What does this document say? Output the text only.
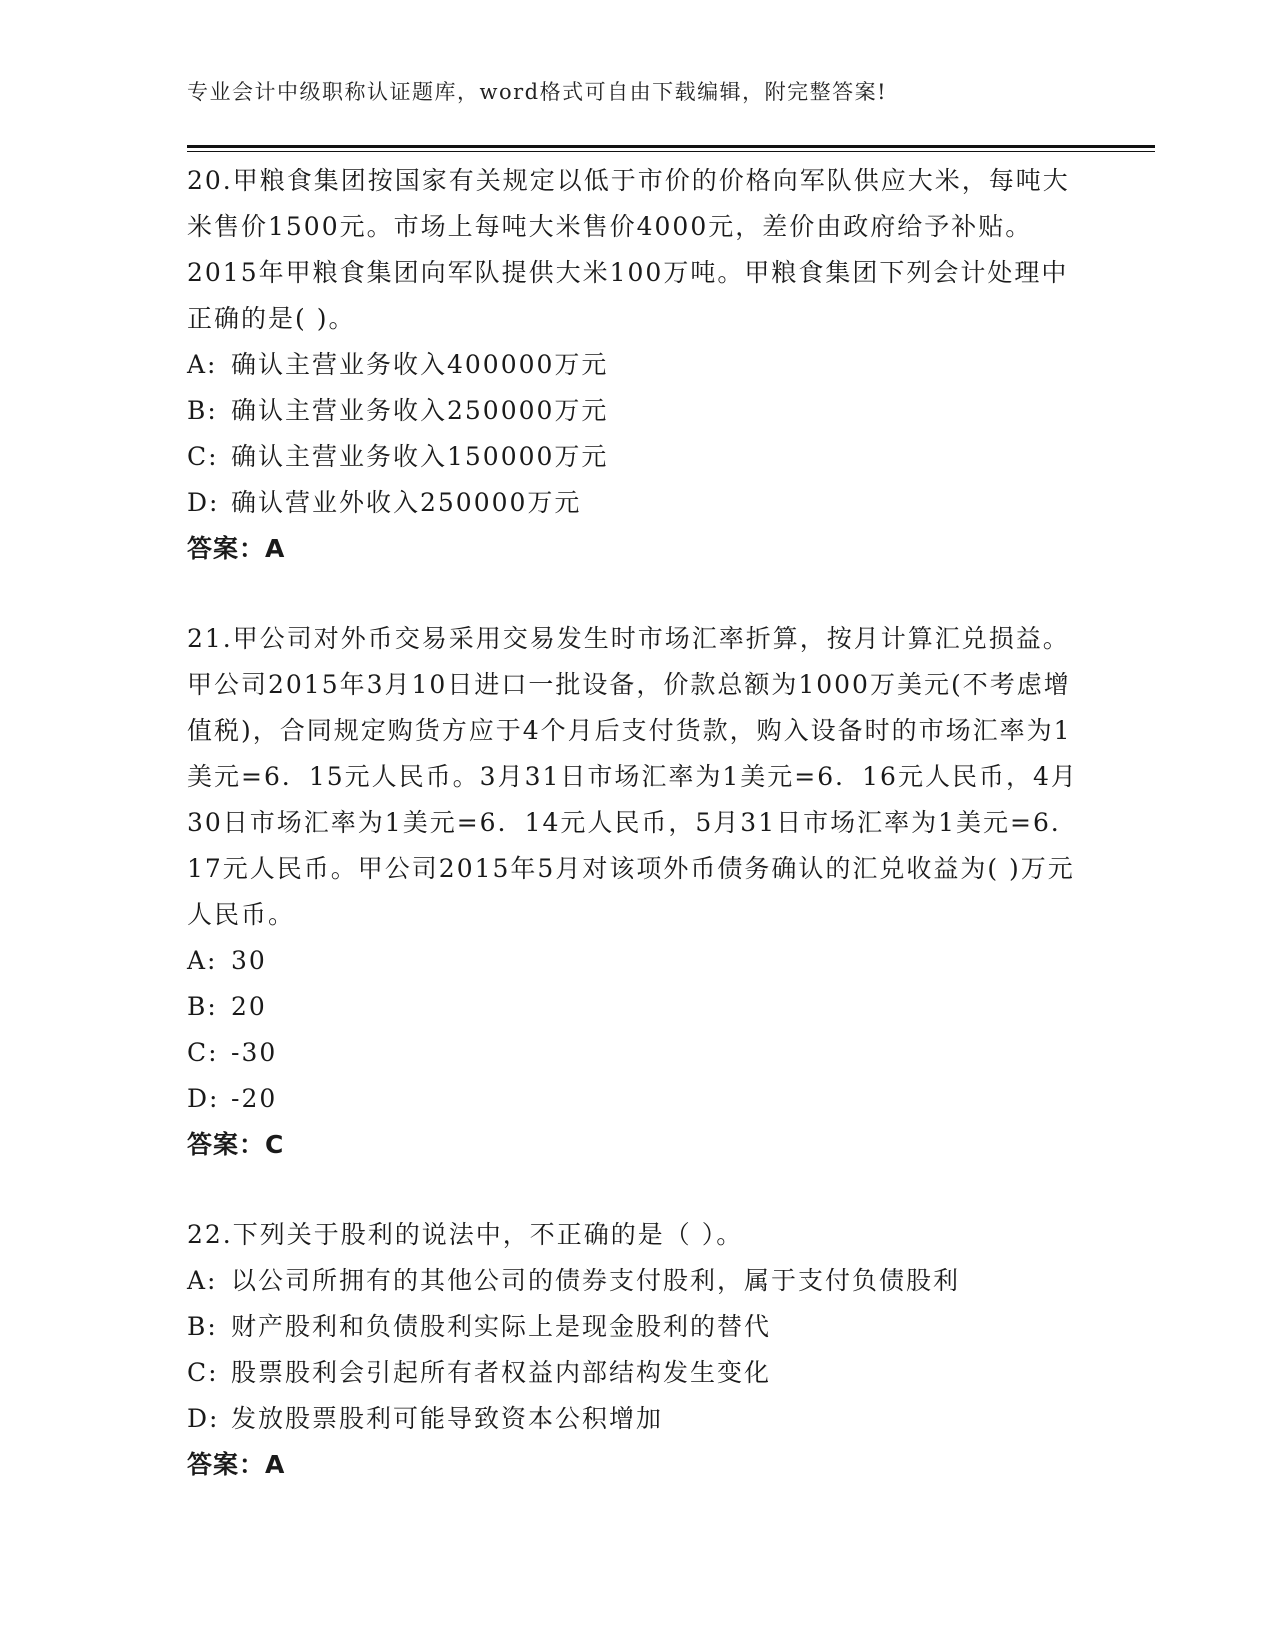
专业会计中级职称认证题库，word格式可自由下载编辑，附完整答案!
20.甲粮食集团按国家有关规定以低于市价的价格向军队供应大米，每吨大米售价1500元。市场上每吨大米售价4000元，差价由政府给予补贴。2015年甲粮食集团向军队提供大米100万吨。甲粮食集团下列会计处理中正确的是( )。
A: 确认主营业务收入400000万元
B: 确认主营业务收入250000万元
C: 确认主营业务收入150000万元
D: 确认营业外收入250000万元
答案：A
21.甲公司对外币交易采用交易发生时市场汇率折算，按月计算汇兑损益。甲公司2015年3月10日进口一批设备，价款总额为1000万美元(不考虑增值税)，合同规定购货方应于4个月后支付货款，购入设备时的市场汇率为1美元=6．15元人民币。3月31日市场汇率为1美元=6．16元人民币，4月30日市场汇率为1美元=6．14元人民币，5月31日市场汇率为1美元=6．17元人民币。甲公司2015年5月对该项外币债务确认的汇兑收益为( )万元人民币。
A: 30
B: 20
C: -30
D: -20
答案：C
22.下列关于股利的说法中，不正确的是（ ）。
A: 以公司所拥有的其他公司的债券支付股利，属于支付负债股利
B: 财产股利和负债股利实际上是现金股利的替代
C: 股票股利会引起所有者权益内部结构发生变化
D: 发放股票股利可能导致资本公积增加
答案：A
